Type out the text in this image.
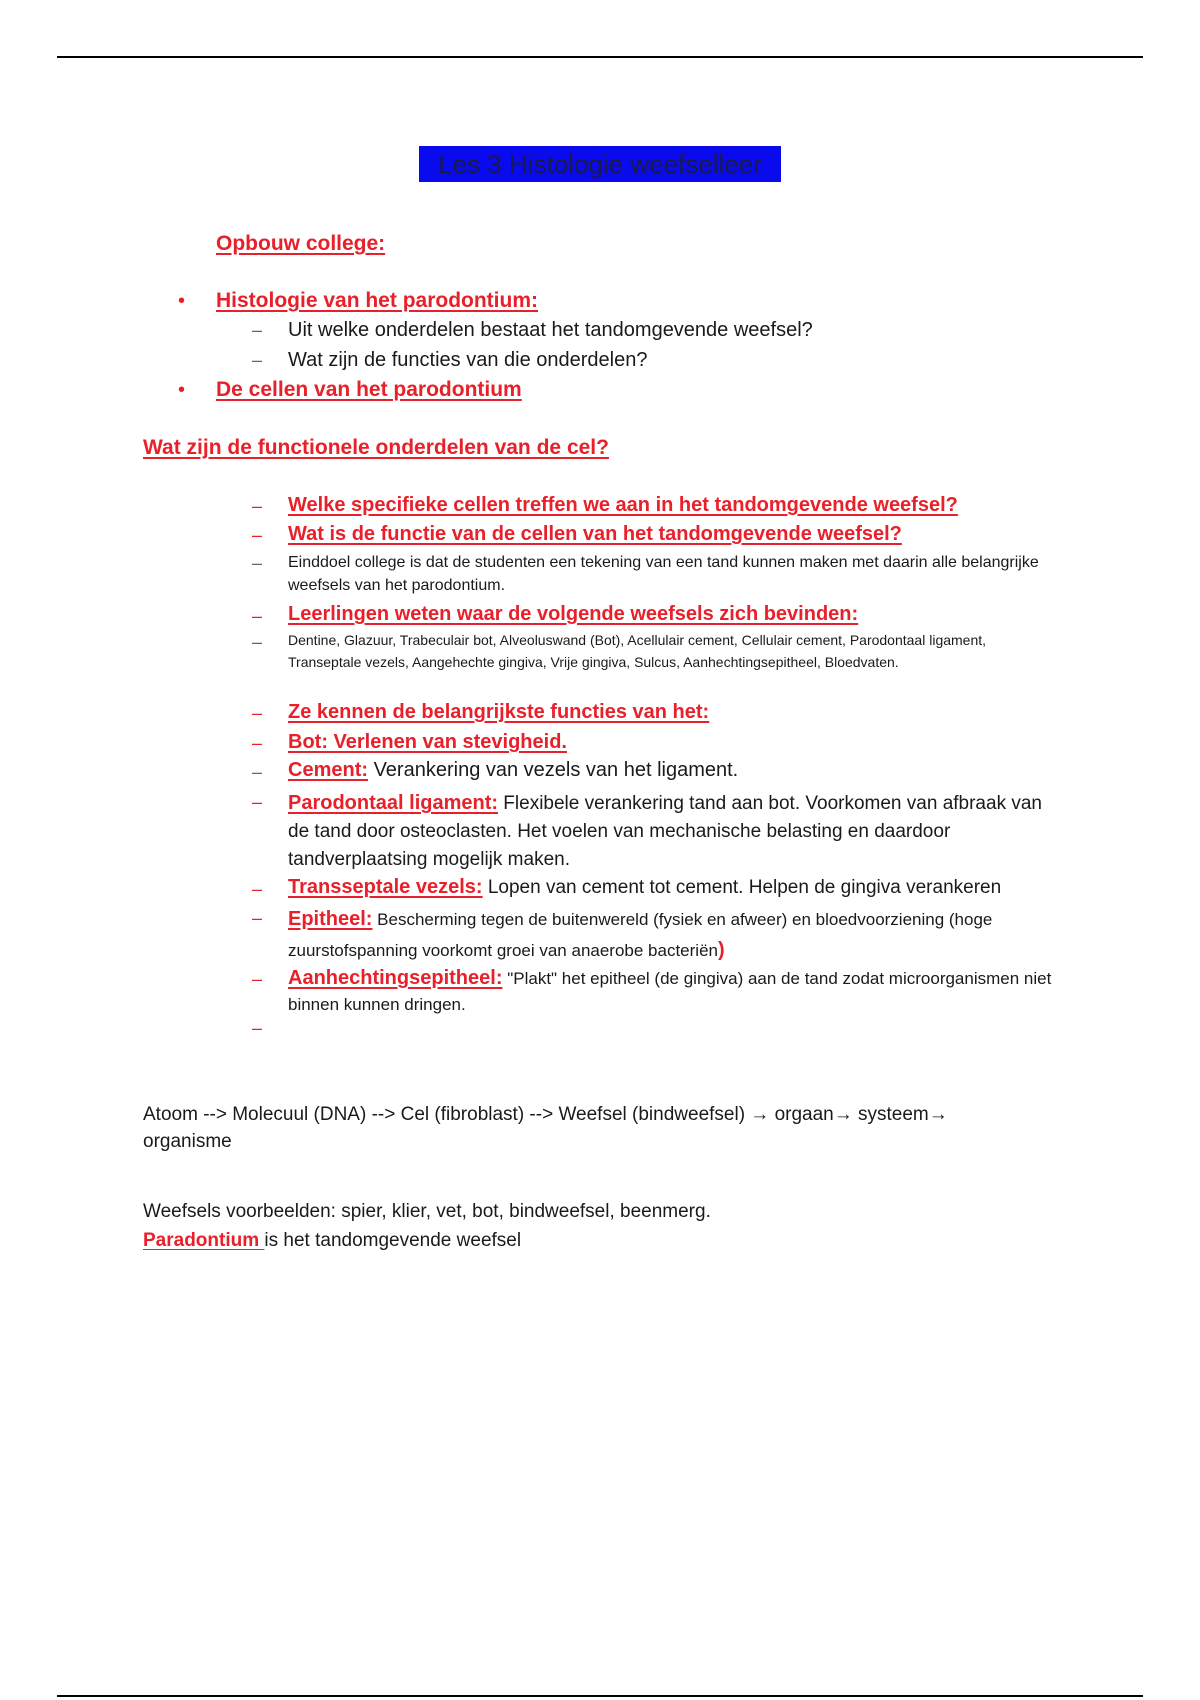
Les 3 Histologie weefselleer
Opbouw college:
• Histologie van het parodontium:
– Uit welke onderdelen bestaat het tandomgevende weefsel?
– Wat zijn de functies van die onderdelen?
• De cellen van het parodontium
Wat zijn de functionele onderdelen van de cel?
– Welke specifieke cellen treffen we aan in het tandomgevende weefsel?
– Wat is de functie van de cellen van het tandomgevende weefsel?
– Einddoel college is dat de studenten een tekening van een tand kunnen maken met daarin alle belangrijke weefsels van het parodontium.
– Leerlingen weten waar de volgende weefsels zich bevinden:
– Dentine, Glazuur, Trabeculair bot, Alveoluswand (Bot), Acellulair cement, Cellulair cement, Parodontaal ligament, Transeptale vezels, Aangehechte gingiva, Vrije gingiva, Sulcus, Aanhechtingsepitheel, Bloedvaten.
– Ze kennen de belangrijkste functies van het:
– Bot: Verlenen van stevigheid.
– Cement: Verankering van vezels van het ligament.
– Parodontaal ligament: Flexibele verankering tand aan bot. Voorkomen van afbraak van de tand door osteoclasten. Het voelen van mechanische belasting en daardoor tandverplaatsing mogelijk maken.
– Transseptale vezels: Lopen van cement tot cement. Helpen de gingiva verankeren
– Epitheel: Bescherming tegen de buitenwereld (fysiek en afweer) en bloedvoorziening (hoge zuurstofspanning voorkomt groei van anaerobe bacteriën)
– Aanhechtingsepitheel: "Plakt" het epitheel (de gingiva) aan de tand zodat microorganismen niet binnen kunnen dringen.
–
Atoom --> Molecuul (DNA) --> Cel (fibroblast) --> Weefsel (bindweefsel) → orgaan→ systeem→ organisme
Weefsels voorbeelden: spier, klier, vet, bot, bindweefsel, beenmerg.
Paradontium is het tandomgevende weefsel
